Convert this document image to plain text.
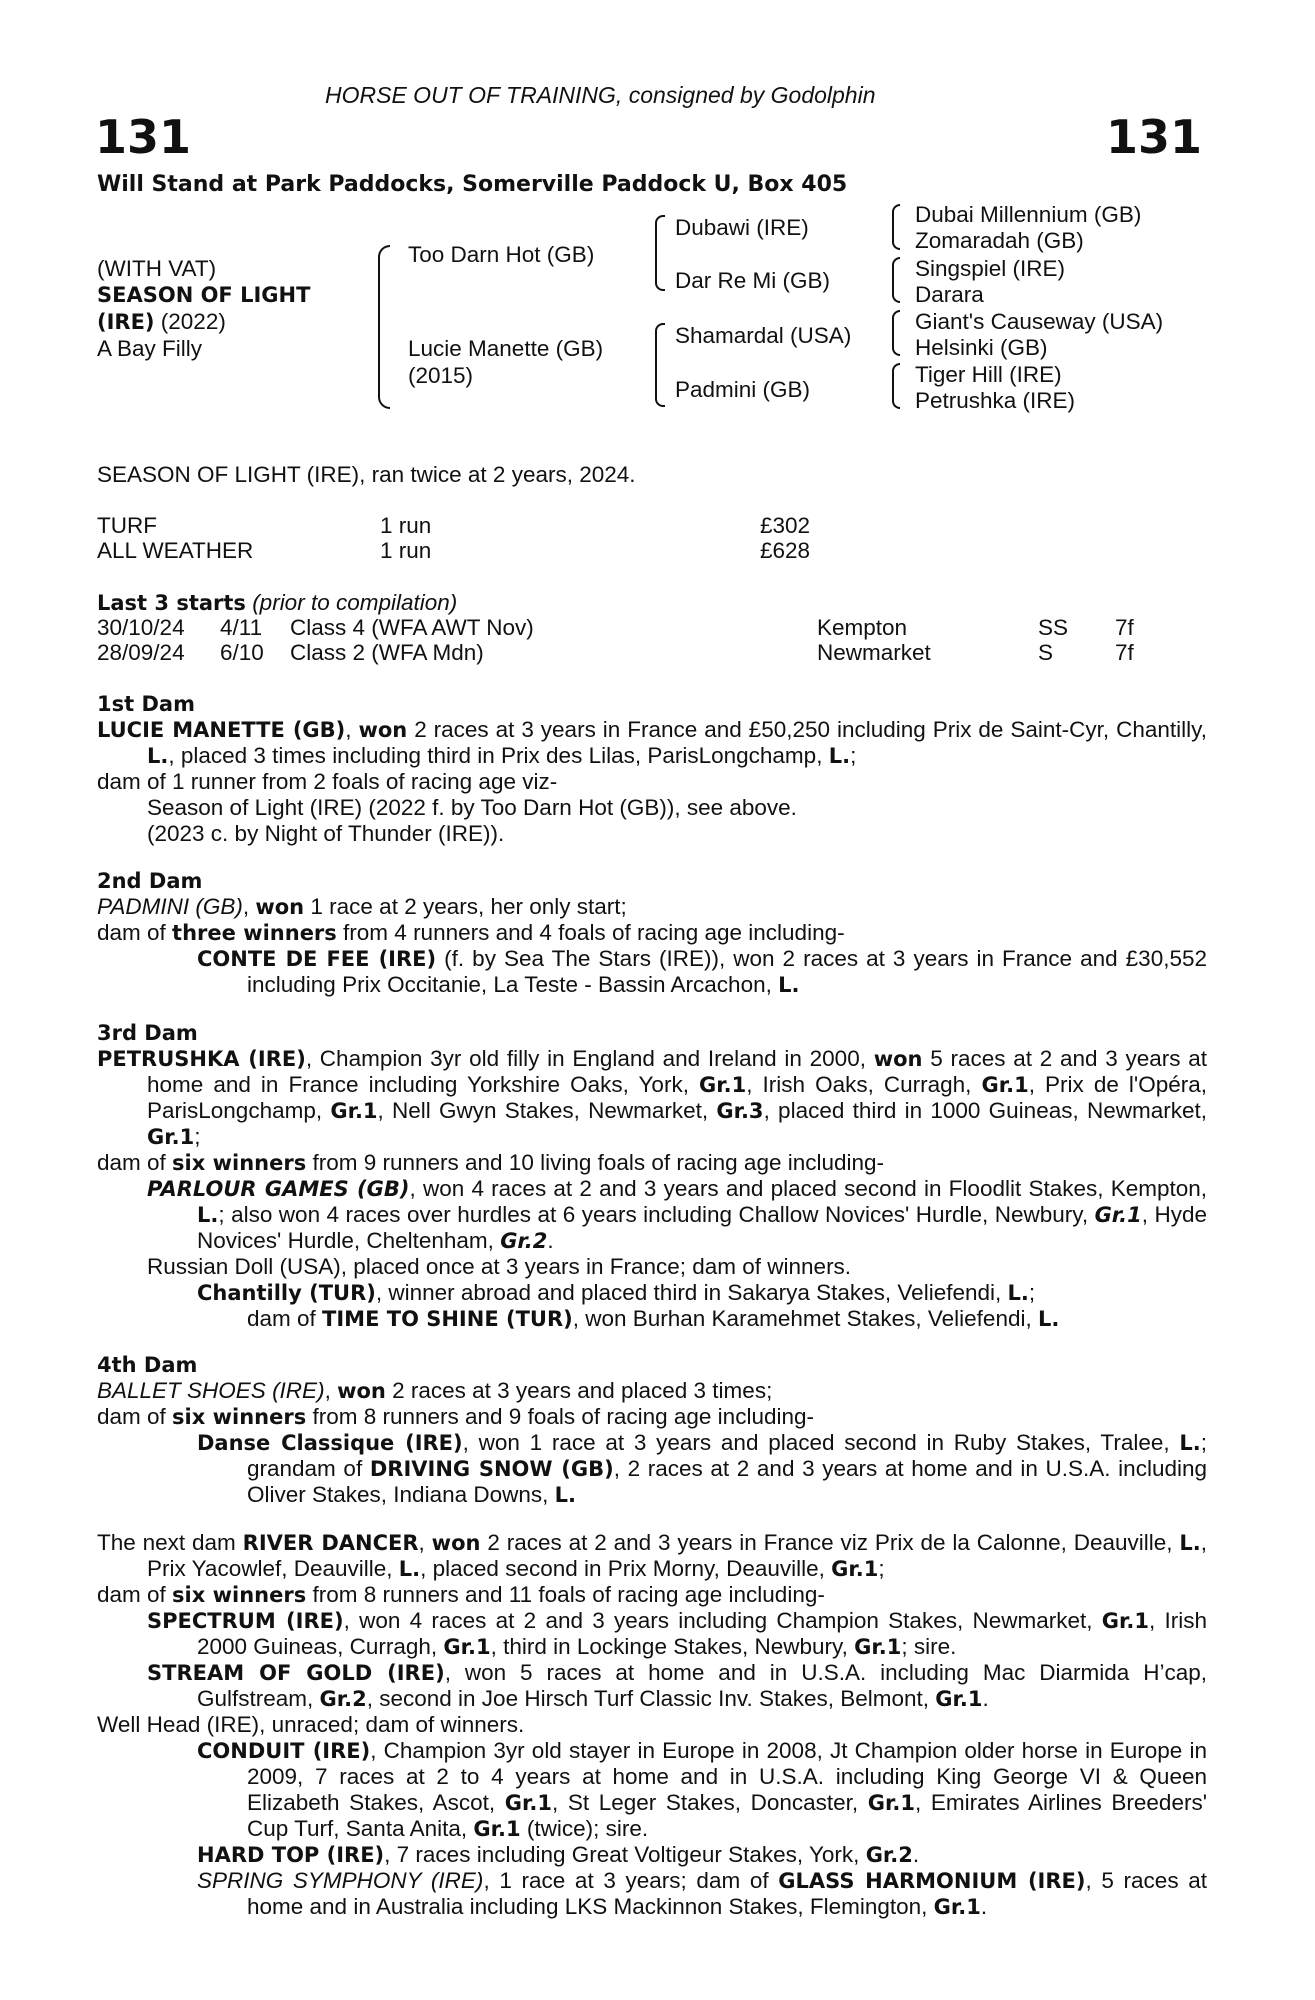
HORSE OUT OF TRAINING, consigned by Godolphin
131	131
Will Stand at Park Paddocks, Somerville Paddock U, Box 405
(WITH VAT)
SEASON OF LIGHT
(IRE) (2022)
A Bay Filly
Too Darn Hot (GB)
Lucie Manette (GB)
(2015)
Dubawi (IRE)
Dar Re Mi (GB)
Shamardal (USA)
Padmini (GB)
Dubai Millennium (GB)
Zomaradah (GB)
Singspiel (IRE)
Darara
Giant's Causeway (USA)
Helsinki (GB)
Tiger Hill (IRE)
Petrushka (IRE)
SEASON OF LIGHT (IRE), ran twice at 2 years, 2024.
TURF	1 run	£302
ALL WEATHER	1 run	£628
Last 3 starts (prior to compilation)
30/10/24 4/11 Class 4 (WFA AWT Nov)	Kempton	SS 7f
28/09/24 6/10 Class 2 (WFA Mdn)	Newmarket	S	7f
1st Dam

LUCIE MANETTE (GB), won 2 races at 3 years in France and £50,250 including Prix de Saint-Cyr, Chantilly, L., placed 3 times including third in Prix des Lilas, ParisLongchamp, L.;

dam of 1 runner from 2 foals of racing age viz-

Season of Light (IRE) (2022 f. by Too Darn Hot (GB)), see above.

(2023 c. by Night of Thunder (IRE)).

2nd Dam

PADMINI (GB), won 1 race at 2 years, her only start;

dam of three winners from 4 runners and 4 foals of racing age including-

CONTE DE FEE (IRE) (f. by Sea The Stars (IRE)), won 2 races at 3 years in France and £30,552 including Prix Occitanie, La Teste - Bassin Arcachon, L.

3rd Dam

PETRUSHKA (IRE), Champion 3yr old filly in England and Ireland in 2000, won 5 races at 2 and 3 years at home and in France including Yorkshire Oaks, York, Gr.1, Irish Oaks, Curragh, Gr.1, Prix de l'Opéra, ParisLongchamp, Gr.1, Nell Gwyn Stakes, Newmarket, Gr.3, placed third in 1000 Guineas, Newmarket, Gr.1;

dam of six winners from 9 runners and 10 living foals of racing age including-

PARLOUR GAMES (GB), won 4 races at 2 and 3 years and placed second in Floodlit Stakes, Kempton, L.; also won 4 races over hurdles at 6 years including Challow Novices' Hurdle, Newbury, Gr.1, Hyde Novices' Hurdle, Cheltenham, Gr.2.

Russian Doll (USA), placed once at 3 years in France; dam of winners.

Chantilly (TUR), winner abroad and placed third in Sakarya Stakes, Veliefendi, L.;

dam of TIME TO SHINE (TUR), won Burhan Karamehmet Stakes, Veliefendi, L.

4th Dam

BALLET SHOES (IRE), won 2 races at 3 years and placed 3 times;

dam of six winners from 8 runners and 9 foals of racing age including-

Danse Classique (IRE), won 1 race at 3 years and placed second in Ruby Stakes, Tralee, L.; grandam of DRIVING SNOW (GB), 2 races at 2 and 3 years at home and in U.S.A. including Oliver Stakes, Indiana Downs, L.

The next dam RIVER DANCER, won 2 races at 2 and 3 years in France viz Prix de la Calonne, Deauville, L., Prix Yacowlef, Deauville, L., placed second in Prix Morny, Deauville, Gr.1;

dam of six winners from 8 runners and 11 foals of racing age including-

SPECTRUM (IRE), won 4 races at 2 and 3 years including Champion Stakes, Newmarket, Gr.1, Irish 2000 Guineas, Curragh, Gr.1, third in Lockinge Stakes, Newbury, Gr.1; sire.

STREAM OF GOLD (IRE), won 5 races at home and in U.S.A. including Mac Diarmida H’cap, Gulfstream, Gr.2, second in Joe Hirsch Turf Classic Inv. Stakes, Belmont, Gr.1.

Well Head (IRE), unraced; dam of winners.

CONDUIT (IRE), Champion 3yr old stayer in Europe in 2008, Jt Champion older horse in Europe in 2009, 7 races at 2 to 4 years at home and in U.S.A. including King George VI & Queen Elizabeth Stakes, Ascot, Gr.1, St Leger Stakes, Doncaster, Gr.1, Emirates Airlines Breeders' Cup Turf, Santa Anita, Gr.1 (twice); sire.

HARD TOP (IRE), 7 races including Great Voltigeur Stakes, York, Gr.2.

SPRING SYMPHONY (IRE), 1 race at 3 years; dam of GLASS HARMONIUM (IRE), 5 races at home and in Australia including LKS Mackinnon Stakes, Flemington, Gr.1.
